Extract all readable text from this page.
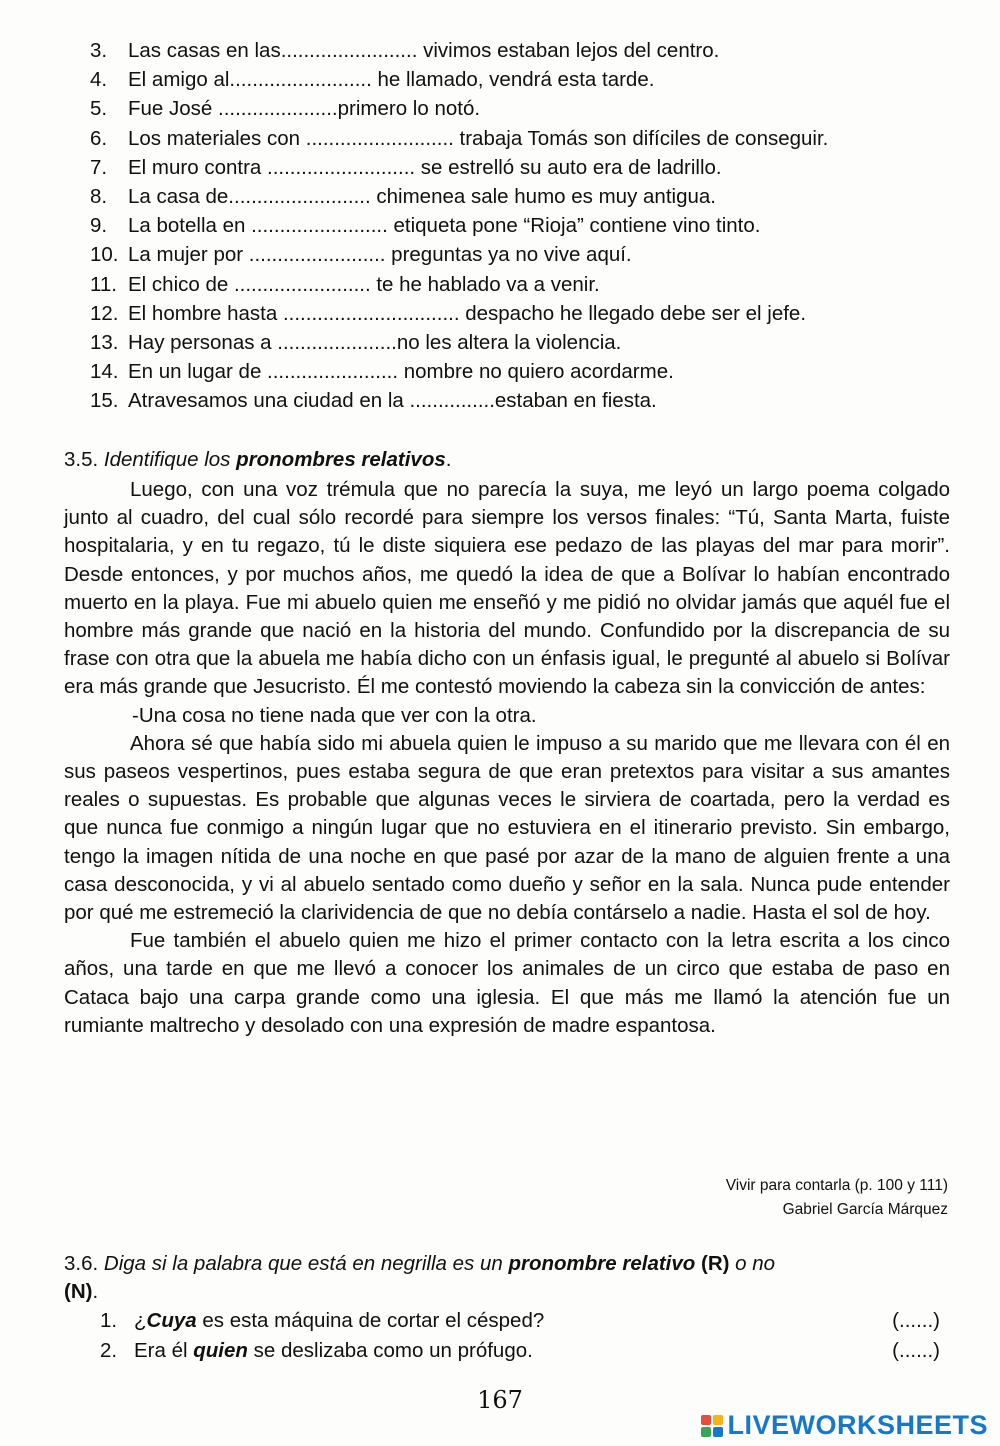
3. Las casas en las........................ vivimos estaban lejos del centro.
4. El amigo al......................... he llamado, vendrá esta tarde.
5. Fue José .....................primero lo notó.
6. Los materiales con .......................... trabaja Tomás son difíciles de conseguir.
7. El muro contra .......................... se estrelló su auto era de ladrillo.
8. La casa de......................... chimenea sale humo es muy antigua.
9. La botella en ........................ etiqueta pone “Rioja” contiene vino tinto.
10. La mujer por ........................ preguntas ya no vive aquí.
11. El chico de ........................ te he hablado va a venir.
12. El hombre hasta ............................... despacho he llegado debe ser el jefe.
13. Hay personas a .....................no les altera la violencia.
14. En un lugar de ....................... nombre no quiero acordarme.
15. Atravesamos una ciudad en la ...............estaban en fiesta.
3.5. Identifique los pronombres relativos.

Luego, con una voz trémula que no parecía la suya, me leyó un largo poema colgado junto al cuadro, del cual sólo recordé para siempre los versos finales: “Tú, Santa Marta, fuiste hospitalaria, y en tu regazo, tú le diste siquiera ese pedazo de las playas del mar para morir”. Desde entonces, y por muchos años, me quedó la idea de que a Bolívar lo habían encontrado muerto en la playa. Fue mi abuelo quien me enseñó y me pidió no olvidar jamás que aquél fue el hombre más grande que nació en la historia del mundo. Confundido por la discrepancia de su frase con otra que la abuela me había dicho con un énfasis igual, le pregunté al abuelo si Bolívar era más grande que Jesucristo. Él me contestó moviendo la cabeza sin la convicción de antes:

-Una cosa no tiene nada que ver con la otra.

Ahora sé que había sido mi abuela quien le impuso a su marido que me llevara con él en sus paseos vespertinos, pues estaba segura de que eran pretextos para visitar a sus amantes reales o supuestas. Es probable que algunas veces le sirviera de coartada, pero la verdad es que nunca fue conmigo a ningún lugar que no estuviera en el itinerario previsto. Sin embargo, tengo la imagen nítida de una noche en que pasé por azar de la mano de alguien frente a una casa desconocida, y vi al abuelo sentado como dueño y señor en la sala. Nunca pude entender por qué me estremeció la clarividencia de que no debía contárselo a nadie. Hasta el sol de hoy.

Fue también el abuelo quien me hizo el primer contacto con la letra escrita a los cinco años, una tarde en que me llevó a conocer los animales de un circo que estaba de paso en Cataca bajo una carpa grande como una iglesia. El que más me llamó la atención fue un rumiante maltrecho y desolado con una expresión de madre espantosa.

Vivir para contarla (p. 100 y 111)
Gabriel García Márquez
3.6. Diga si la palabra que está en negrilla es un pronombre relativo (R) o no
(N).
1. ¿Cuya es esta máquina de cortar el césped?	(......)
2. Era él quien se deslizaba como un prófugo.	(......)
167
LIVEWORKSHEETS
